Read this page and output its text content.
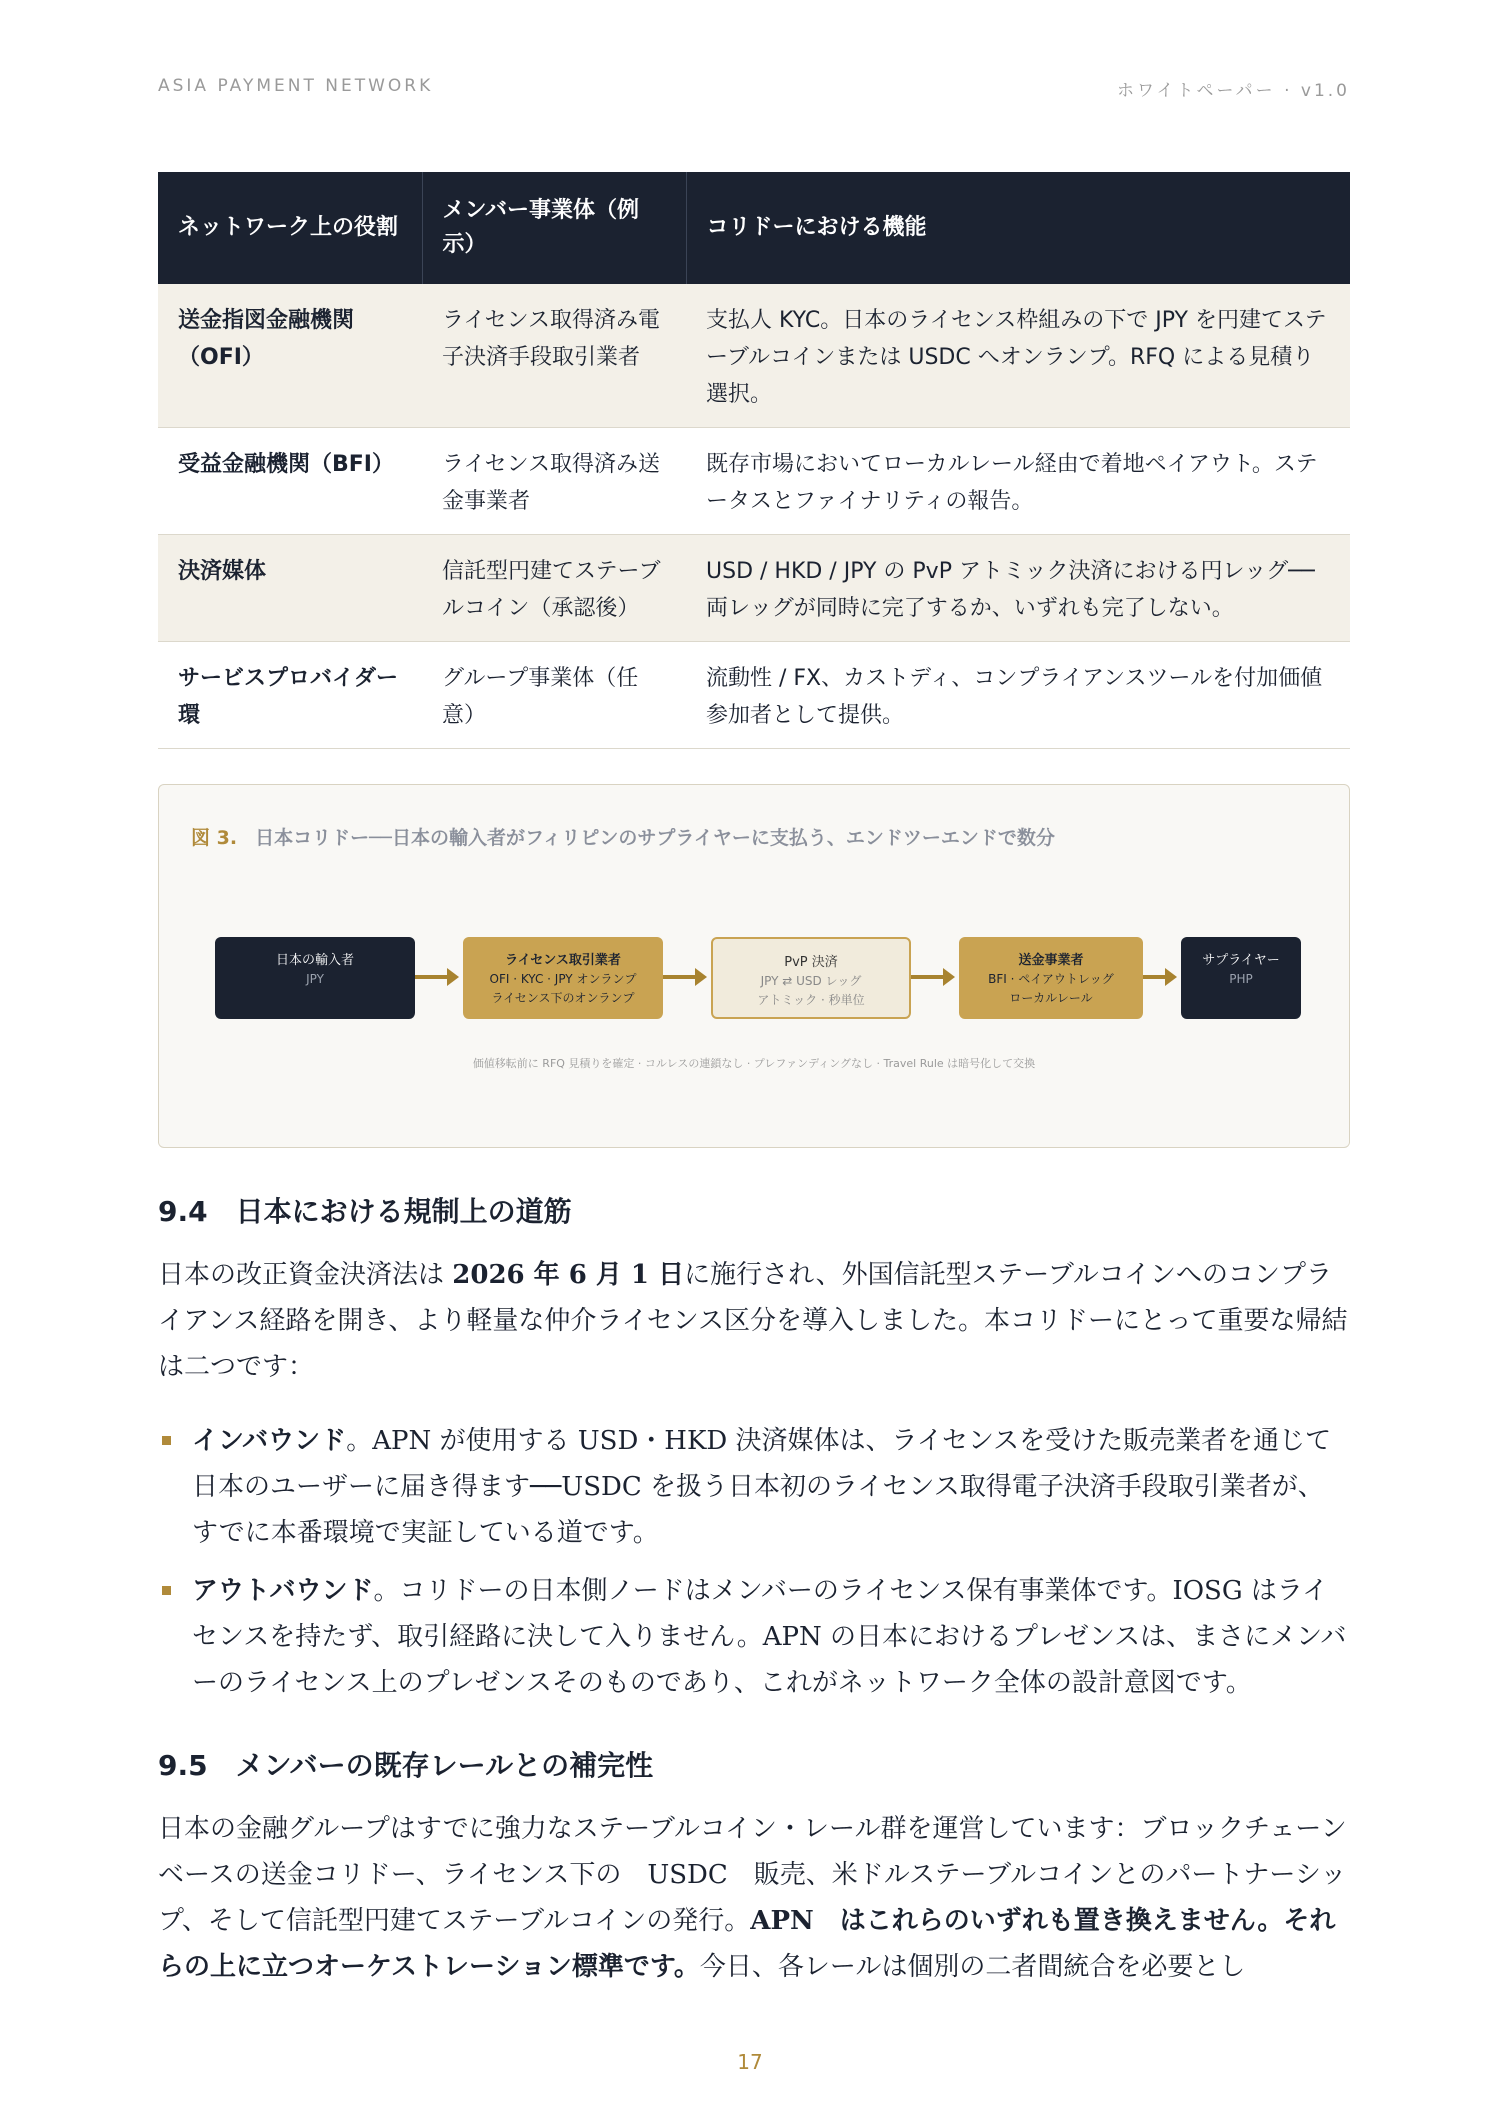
ASIA PAYMENT NETWORK	ホワイトペーパー · v1.0
ネットワーク上の役割	メンバー事業体（例示）	コリドーにおける機能
送金指図金融機関（OFI）	ライセンス取得済み電子決済手段取引業者	支払人 KYC。日本のライセンス枠組みの下で JPY を円建てステーブルコインまたは USDC へオンランプ。RFQ による見積り選択。
受益金融機関（BFI）	ライセンス取得済み送金事業者	既存市場においてローカルレール経由で着地ペイアウト。ステータスとファイナリティの報告。
決済媒体	信託型円建てステーブルコイン（承認後）	USD / HKD / JPY の PvP アトミック決済における円レッグ──両レッグが同時に完了するか、いずれも完了しない。
サービスプロバイダー環	グループ事業体（任意）	流動性 / FX、カストディ、コンプライアンスツールを付加価値参加者として提供。
図 3. 日本コリドー──日本の輸入者がフィリピンのサプライヤーに支払う、エンドツーエンドで数分
日本の輸入者
JPY
ライセンス取引業者
OFI · KYC · JPY オンランプ
ライセンス下のオンランプ
PvP 決済
JPY ⇄ USD レッグ
アトミック · 秒単位
送金事業者
BFI · ペイアウトレッグ
ローカルレール
サプライヤー
PHP
価値移転前に RFQ 見積りを確定 · コルレスの連鎖なし · プレファンディングなし · Travel Rule は暗号化して交換
9.4 日本における規制上の道筋

日本の改正資金決済法は 2026 年 6 月 1 日に施行され、外国信託型ステーブルコインへのコンプライアンス経路を開き、より軽量な仲介ライセンス区分を導入しました。本コリドーにとって重要な帰結は二つです：

インバウンド。APN が使用する USD・HKD 決済媒体は、ライセンスを受けた販売業者を通じて日本のユーザーに届き得ます──USDC を扱う日本初のライセンス取得電子決済手段取引業者が、すでに本番環境で実証している道です。
アウトバウンド。コリドーの日本側ノードはメンバーのライセンス保有事業体です。IOSG はライセンスを持たず、取引経路に決して入りません。APN の日本におけるプレゼンスは、まさにメンバーのライセンス上のプレゼンスそのものであり、これがネットワーク全体の設計意図です。
9.5 メンバーの既存レールとの補完性

日本の金融グループはすでに強力なステーブルコイン・レール群を運営しています：ブロックチェーンベースの送金コリドー、ライセンス下の　USDC　販売、米ドルステーブルコインとのパートナーシップ、そして信託型円建てステーブルコインの発行。APN　はこれらのいずれも置き換えません。それらの上に立つオーケストレーション標準です。今日、各レールは個別の二者間統合を必要とし

17
